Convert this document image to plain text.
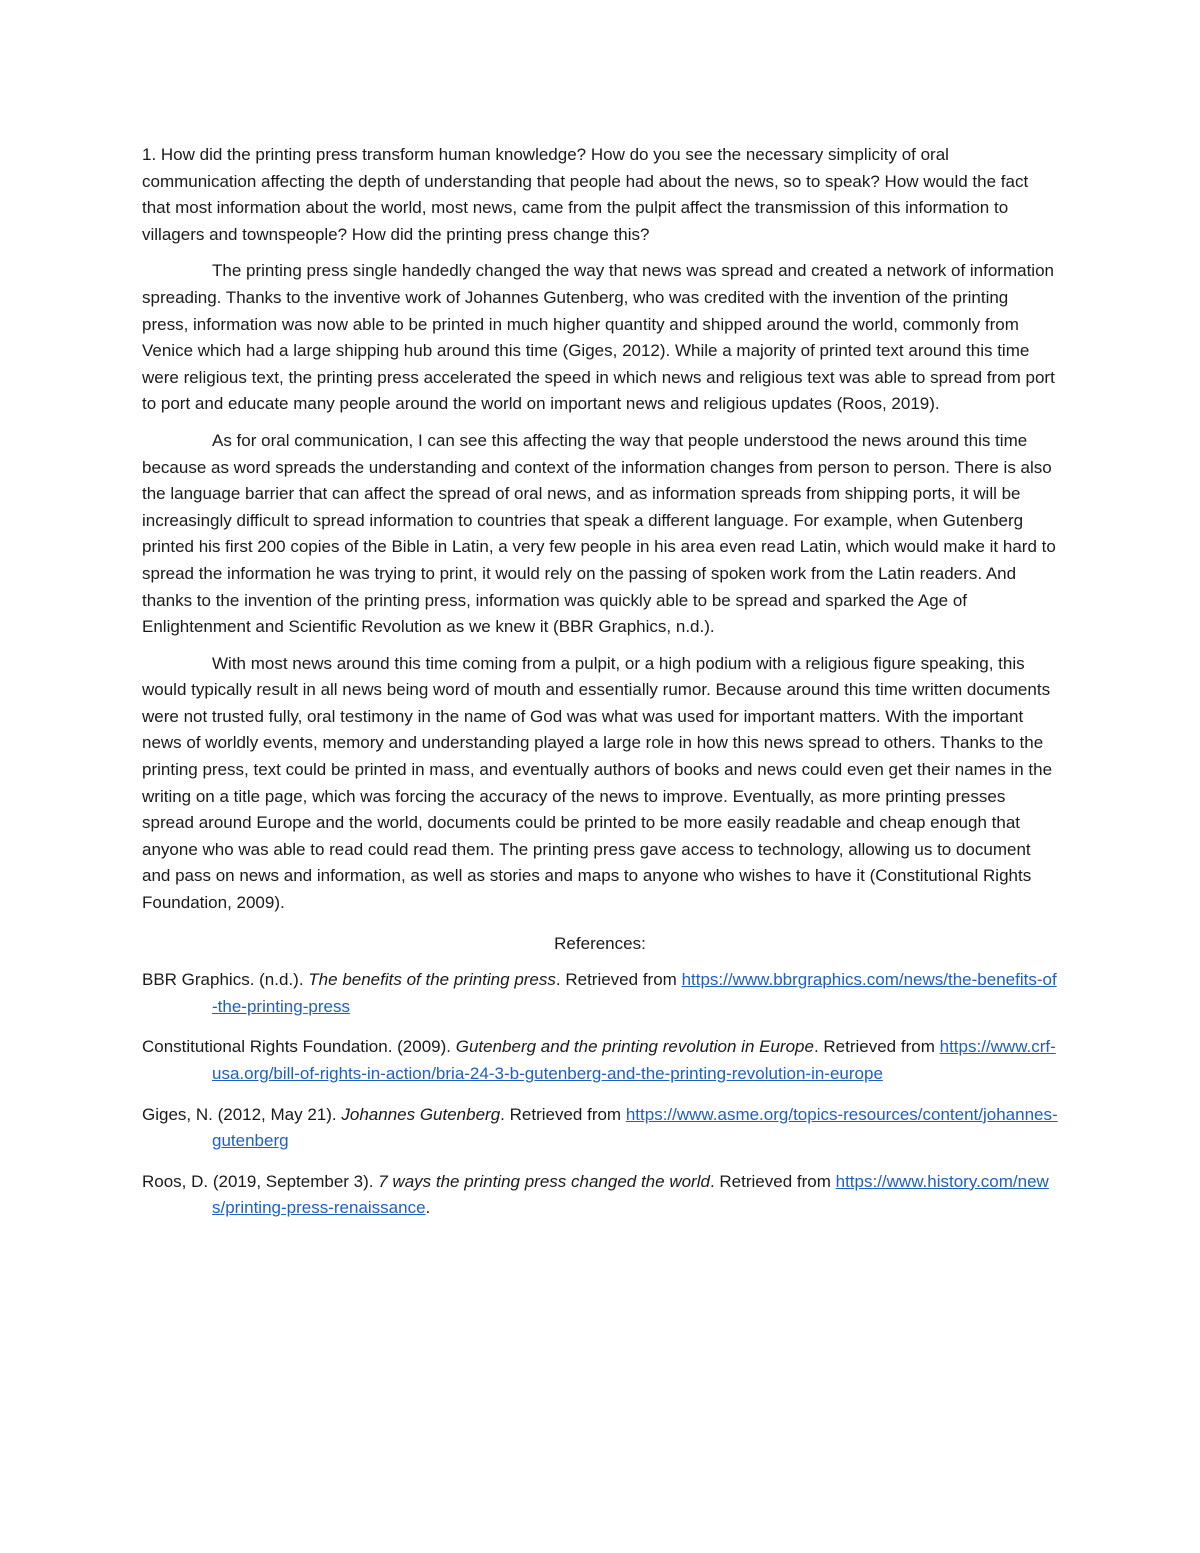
1. How did the printing press transform human knowledge? How do you see the necessary simplicity of oral communication affecting the depth of understanding that people had about the news, so to speak? How would the fact that most information about the world, most news, came from the pulpit affect the transmission of this information to villagers and townspeople? How did the printing press change this?

The printing press single handedly changed the way that news was spread and created a network of information spreading. Thanks to the inventive work of Johannes Gutenberg, who was credited with the invention of the printing press, information was now able to be printed in much higher quantity and shipped around the world, commonly from Venice which had a large shipping hub around this time (Giges, 2012). While a majority of printed text around this time were religious text, the printing press accelerated the speed in which news and religious text was able to spread from port to port and educate many people around the world on important news and religious updates (Roos, 2019).

As for oral communication, I can see this affecting the way that people understood the news around this time because as word spreads the understanding and context of the information changes from person to person. There is also the language barrier that can affect the spread of oral news, and as information spreads from shipping ports, it will be increasingly difficult to spread information to countries that speak a different language. For example, when Gutenberg printed his first 200 copies of the Bible in Latin, a very few people in his area even read Latin, which would make it hard to spread the information he was trying to print, it would rely on the passing of spoken work from the Latin readers. And thanks to the invention of the printing press, information was quickly able to be spread and sparked the Age of Enlightenment and Scientific Revolution as we knew it (BBR Graphics, n.d.).

With most news around this time coming from a pulpit, or a high podium with a religious figure speaking, this would typically result in all news being word of mouth and essentially rumor. Because around this time written documents were not trusted fully, oral testimony in the name of God was what was used for important matters. With the important news of worldly events, memory and understanding played a large role in how this news spread to others. Thanks to the printing press, text could be printed in mass, and eventually authors of books and news could even get their names in the writing on a title page, which was forcing the accuracy of the news to improve. Eventually, as more printing presses spread around Europe and the world, documents could be printed to be more easily readable and cheap enough that anyone who was able to read could read them. The printing press gave access to technology, allowing us to document and pass on news and information, as well as stories and maps to anyone who wishes to have it (Constitutional Rights Foundation, 2009).

References:

BBR Graphics. (n.d.). The benefits of the printing press. Retrieved from https://www.bbrgraphics.com/news/the-benefits-of-the-printing-press

Constitutional Rights Foundation. (2009). Gutenberg and the printing revolution in Europe. Retrieved from https://www.crf-usa.org/bill-of-rights-in-action/bria-24-3-b-gutenberg-and-the-printing-revolution-in-europe

Giges, N. (2012, May 21). Johannes Gutenberg. Retrieved from https://www.asme.org/topics-resources/content/johannes-gutenberg

Roos, D. (2019, September 3). 7 ways the printing press changed the world. Retrieved from https://www.history.com/news/printing-press-renaissance.
